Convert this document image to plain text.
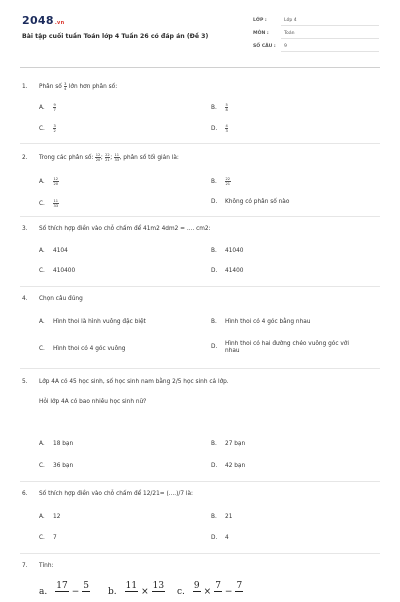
2048.vn
Bài tập cuối tuần Toán lớp 4 Tuần 26 có đáp án (Đề 3)
LỚP :	Lớp 4
MÔN :	Toán
SỐ CÂU : 9
1. Phân số $\frac{3}{4}$ lớn hơn phân số:
A. $\frac{9}{7}$	B. $\frac{5}{8}$
C. $\frac{3}{2}$	D. $\frac{4}{3}$
2. Trong các phân số: $\frac{12}{20}$ ; $\frac{22}{21}$ ; $\frac{11}{33}$ , phân số tối giản là:
A. $\frac{12}{20}$	B. $\frac{22}{21}$
C. $\frac{11}{33}$	D. Không có phân số nào
3. Số thích hợp điền vào chỗ chấm để 41m2 4dm2 = .... cm2:
A. 4104	B. 41040
C. 410400	D. 41400
4. Chọn câu đúng
A. Hình thoi là hình vuông đặc biệt	B. Hình thoi có 4 góc bằng nhau
C. Hình thoi có 4 góc vuông	D. Hình thoi có hai đường chéo vuông góc với
nhau
5. Lớp 4A có 45 học sinh, số học sinh nam bằng 2/5 học sinh cả lớp.
Hỏi lớp 4A có bao nhiêu học sinh nữ?
A. 18 bạn	B. 27 bạn
C. 36 bạn	D. 42 bạn
6. Số thích hợp điền vào chỗ chấm để 12/21= (....)/7 là:
A. 12	B. 21
C. 7	D. 4
7. Tính:
a.
17

−
5

b.
11

×
13

c.
9

×
7

−
7
